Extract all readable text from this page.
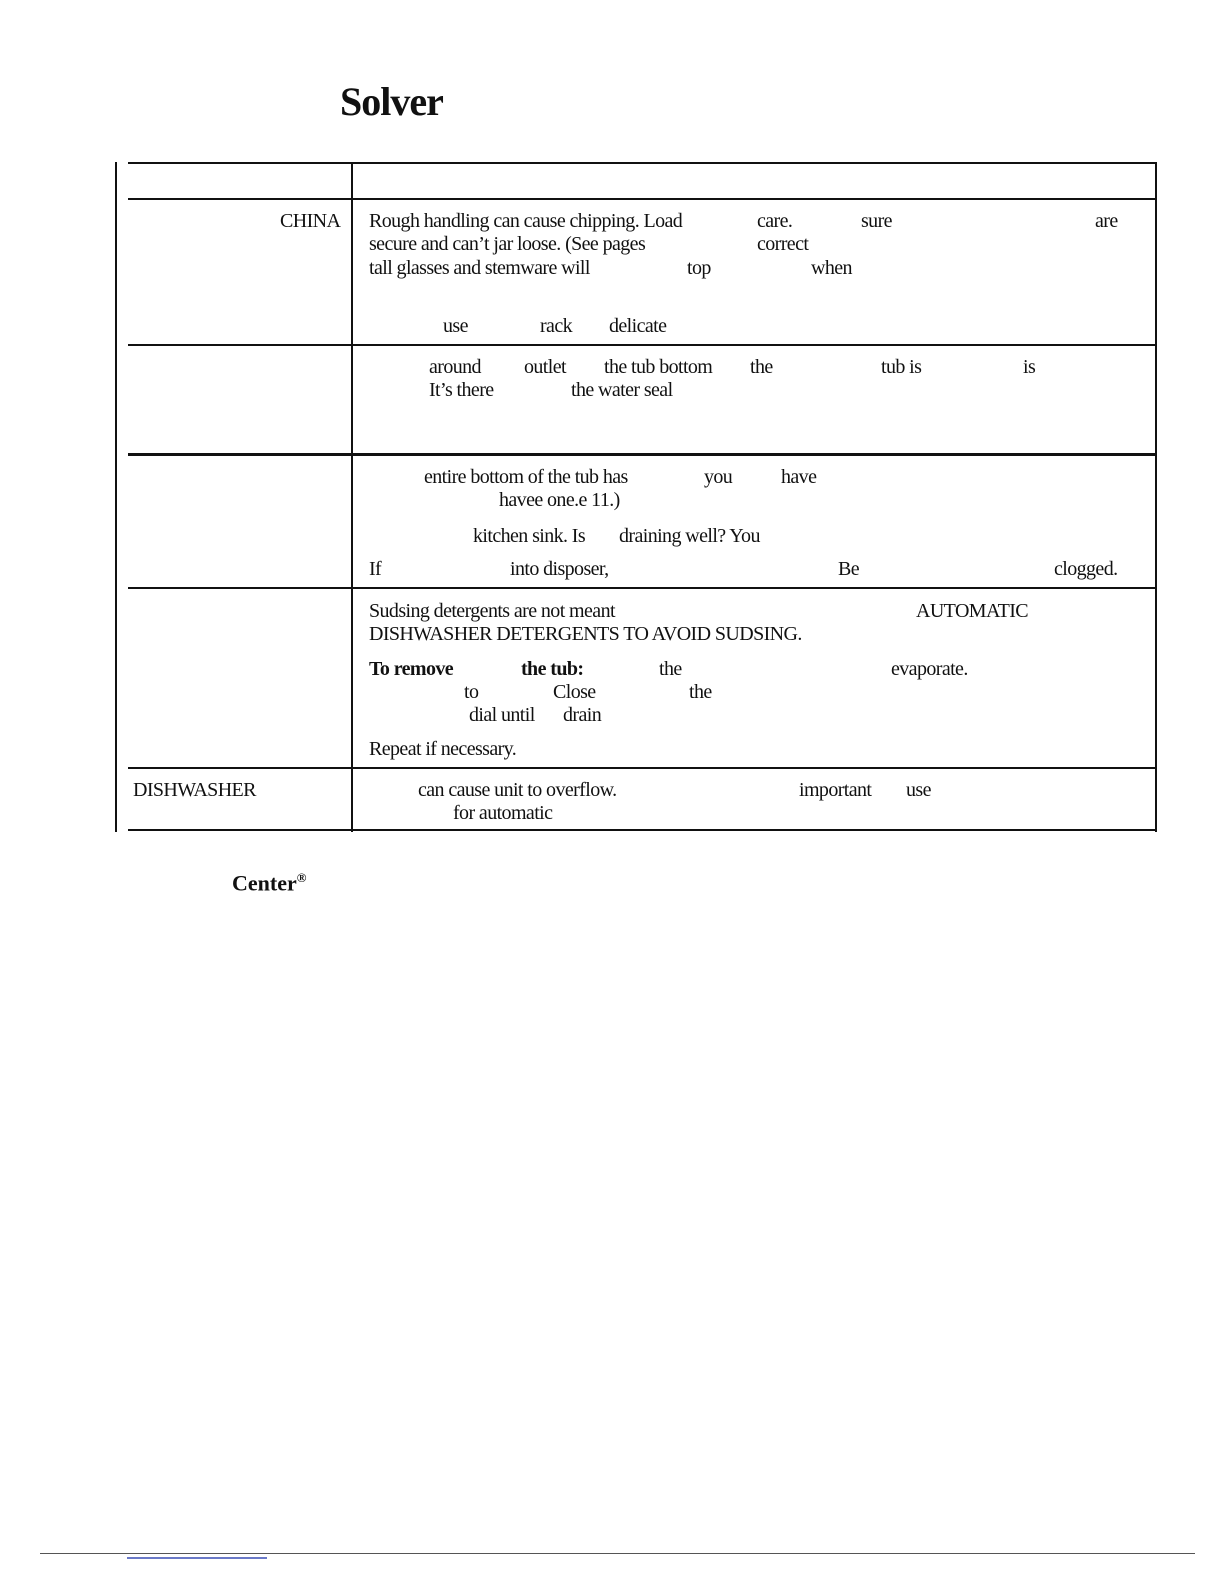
Solver
CHINA Rough handling can cause chipping. Load	care.	sure	are
secure and can’t jar loose. (See pages	correct
tall glasses and stemware will	top	when
use	rack delicate
around outlet the tub bottom the	tub is	is
It’s there	the water seal
entire bottom of the tub has	you have
havee one.e 11.)
kitchen sink. Is draining well? You
If	into disposer,	Be	clogged.
Sudsing detergents are not meant	AUTOMATIC
DISHWASHER DETERGENTS TO AVOID SUDSING.
To remove	the tub:	the	evaporate.
to	Close	the
dial until drain
Repeat if necessary.
DISHWASHER	can cause unit to overflow.	important use
for automatic
Center®
